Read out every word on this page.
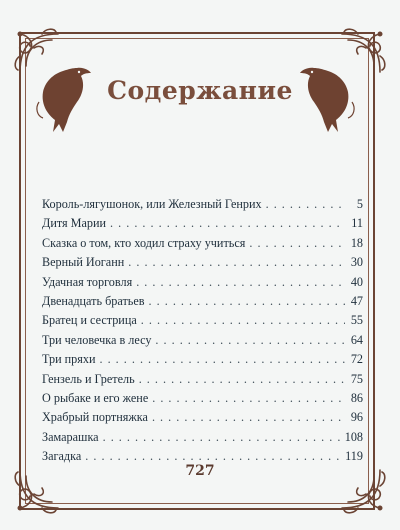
Содержание
Король-лягушонок, или Железный Генрих . . .	5
Дитя Марии . . .	11
Сказка о том, кто ходил страху учиться . . .	18
Верный Иоганн . . .	30
Удачная торговля . . .	40
Двенадцать братьев . . .	47
Братец и сестрица . . .	55
Три человечка в лесу . . .	64
Три пряхи . . .	72
Гензель и Гретель . . .	75
О рыбаке и его жене . . .	86
Храбрый портняжка . . .	96
Замарашка . . .	108
Загадка . . .	119
727
